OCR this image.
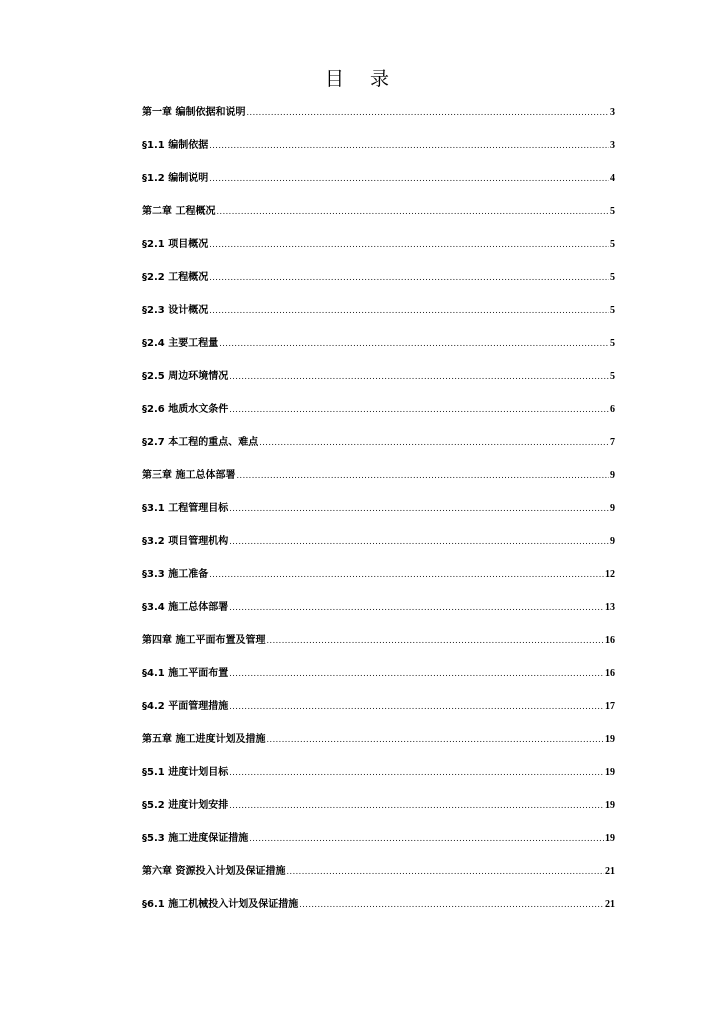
目 录
第一章 编制依据和说明 .....	3
§1.1 编制依据 .....	3
§1.2 编制说明 .....	4
第二章 工程概况 .....	5
§2.1 项目概况 .....	5
§2.2 工程概况 .....	5
§2.3 设计概况 .....	5
§2.4 主要工程量 .....	5
§2.5 周边环境情况 .....	5
§2.6 地质水文条件 .....	6
§2.7 本工程的重点、难点 .....	7
第三章 施工总体部署 .....	9
§3.1 工程管理目标 .....	9
§3.2 项目管理机构 .....	9
§3.3 施工准备 .....	12
§3.4 施工总体部署 .....	13
第四章 施工平面布置及管理 .....	16
§4.1 施工平面布置 .....	16
§4.2 平面管理措施 .....	17
第五章 施工进度计划及措施 .....	19
§5.1 进度计划目标 .....	19
§5.2 进度计划安排 .....	19
§5.3 施工进度保证措施 .....	19
第六章 资源投入计划及保证措施 .....	21
§6.1 施工机械投入计划及保证措施 .....	21
